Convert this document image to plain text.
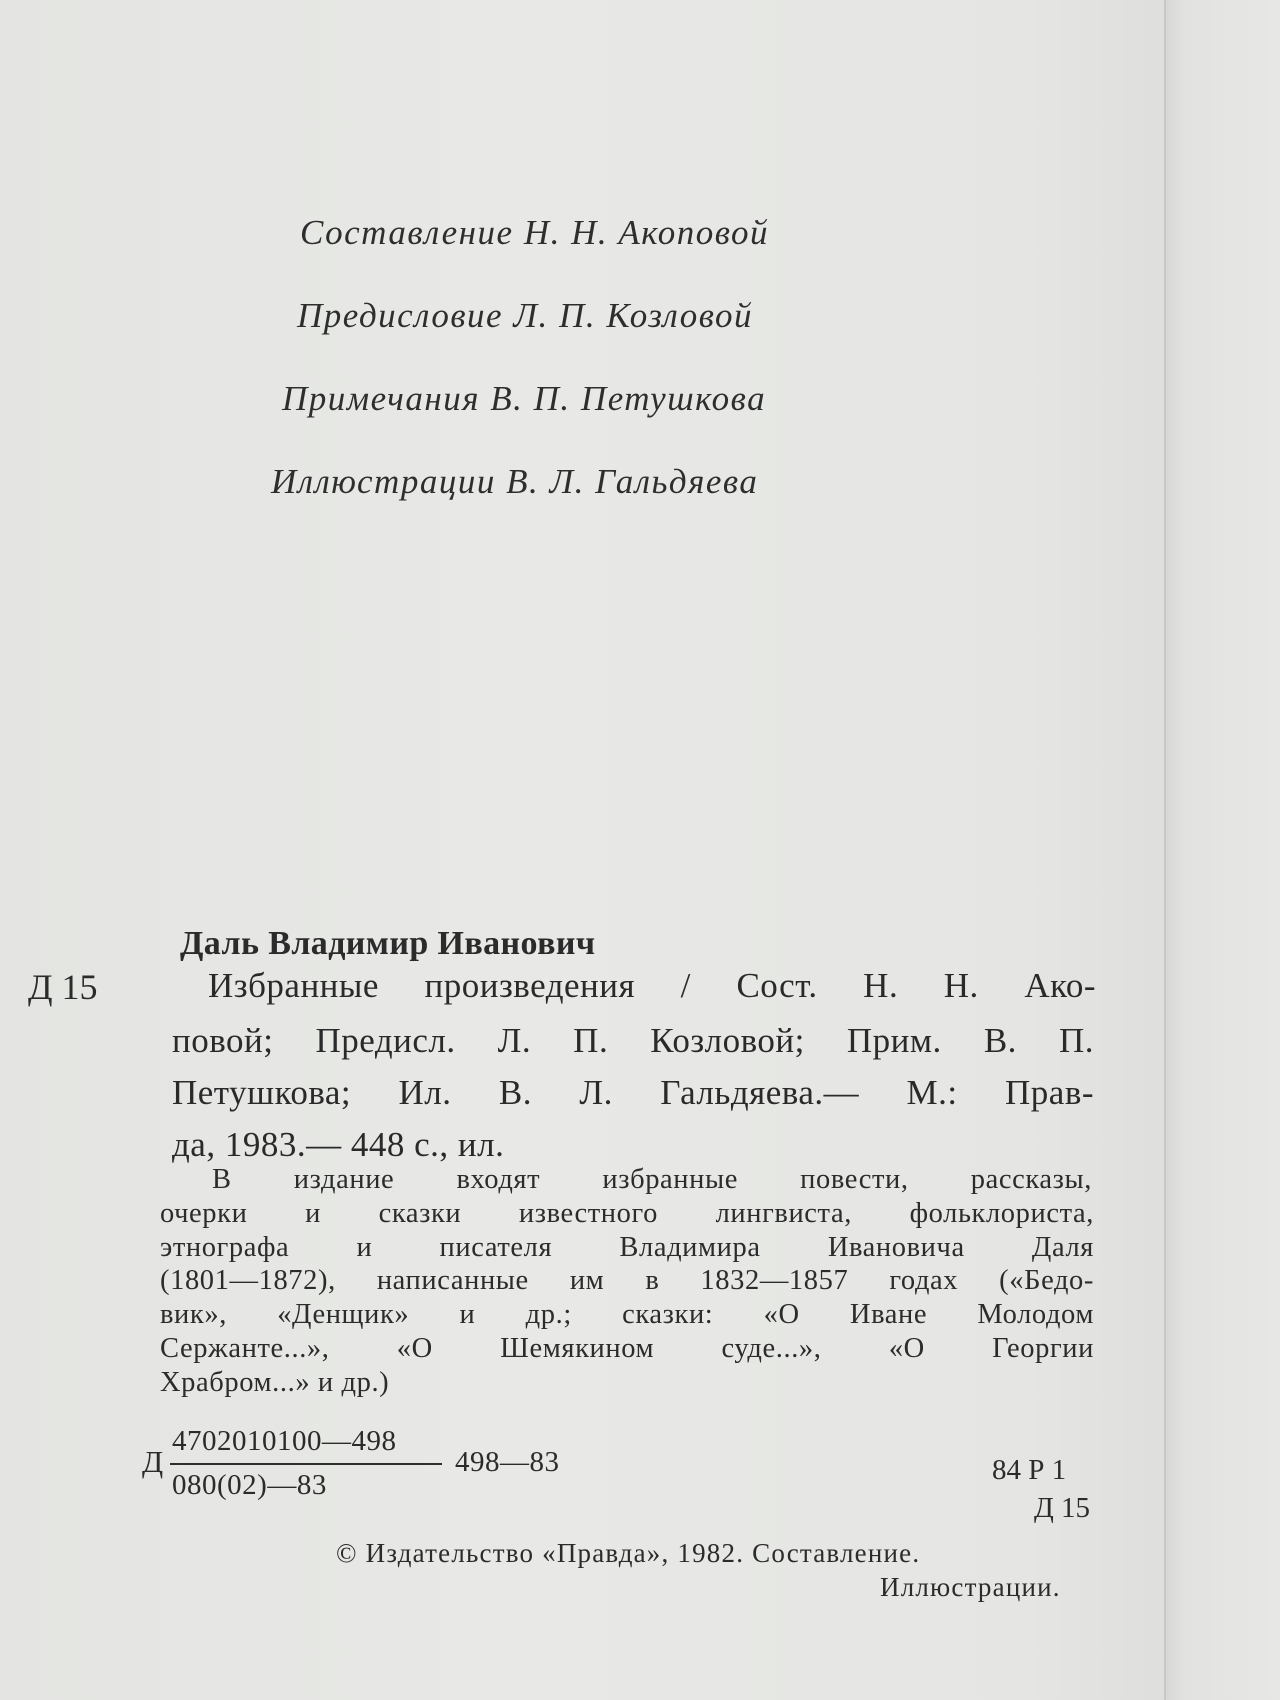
Составление Н. Н. Акоповой
Предисловие Л. П. Козловой
Примечания В. П. Петушкова
Иллюстрации В. Л. Гальдяева
Даль Владимир Иванович
Д 15	Избранные произведения / Сост. Н. Н. Ако-
повой; Предисл. Л. П. Козловой; Прим. В. П.
Петушкова; Ил. В. Л. Гальдяева.— М.: Прав-
да, 1983.— 448 с., ил.
В издание входят избранные повести, рассказы,
очерки и сказки известного лингвиста, фольклориста,
этнографа и писателя Владимира Ивановича Даля
(1801—1872), написанные им в 1832—1857 годах («Бедо-
вик», «Денщик» и др.; сказки: «О Иване Молодом
Сержанте...», «О Шемякином суде...», «О Георгии
Храбром...» и др.)
Д
4702010100—498
080(02)—83
498—83	84 Р 1
Д 15
© Издательство «Правда», 1982. Составление.
Иллюстрации.
